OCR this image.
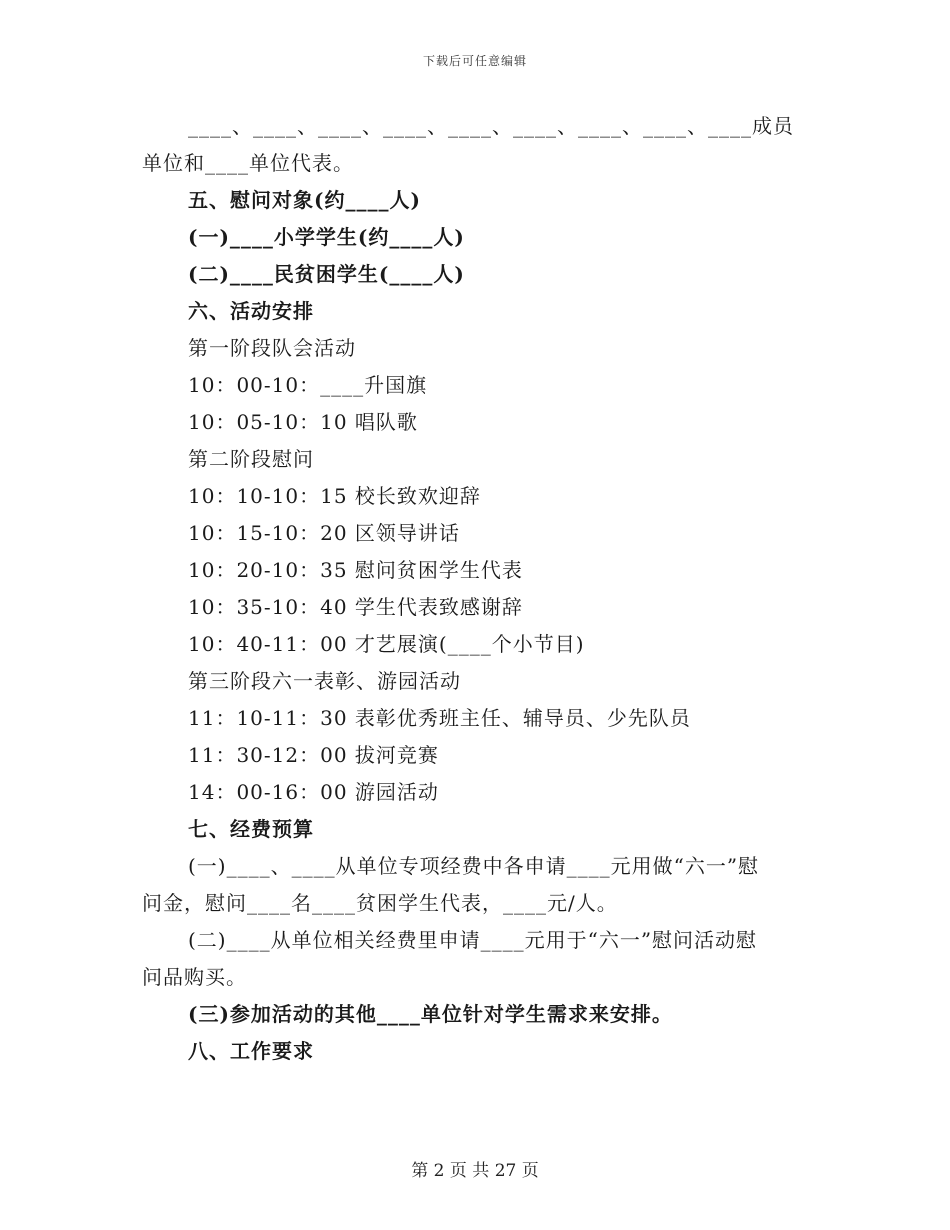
下载后可任意编辑
____、____、____、____、____、____、____、____、____成员
单位和____单位代表。
五、慰问对象(约____人)
(一)____小学学生(约____人)
(二)____民贫困学生(____人)
六、活动安排
第一阶段队会活动
10：00-10：____升国旗
10：05-10：10 唱队歌
第二阶段慰问
10：10-10：15 校长致欢迎辞
10：15-10：20 区领导讲话
10：20-10：35 慰问贫困学生代表
10：35-10：40 学生代表致感谢辞
10：40-11：00 才艺展演(____个小节目)
第三阶段六一表彰、游园活动
11：10-11：30 表彰优秀班主任、辅导员、少先队员
11：30-12：00 拔河竞赛
14：00-16：00 游园活动
七、经费预算
(一)____、____从单位专项经费中各申请____元用做“六一”慰
问金，慰问____名____贫困学生代表，____元/人。
(二)____从单位相关经费里申请____元用于“六一”慰问活动慰
问品购买。
(三)参加活动的其他____单位针对学生需求来安排。
八、工作要求
第 2 页 共 27 页
